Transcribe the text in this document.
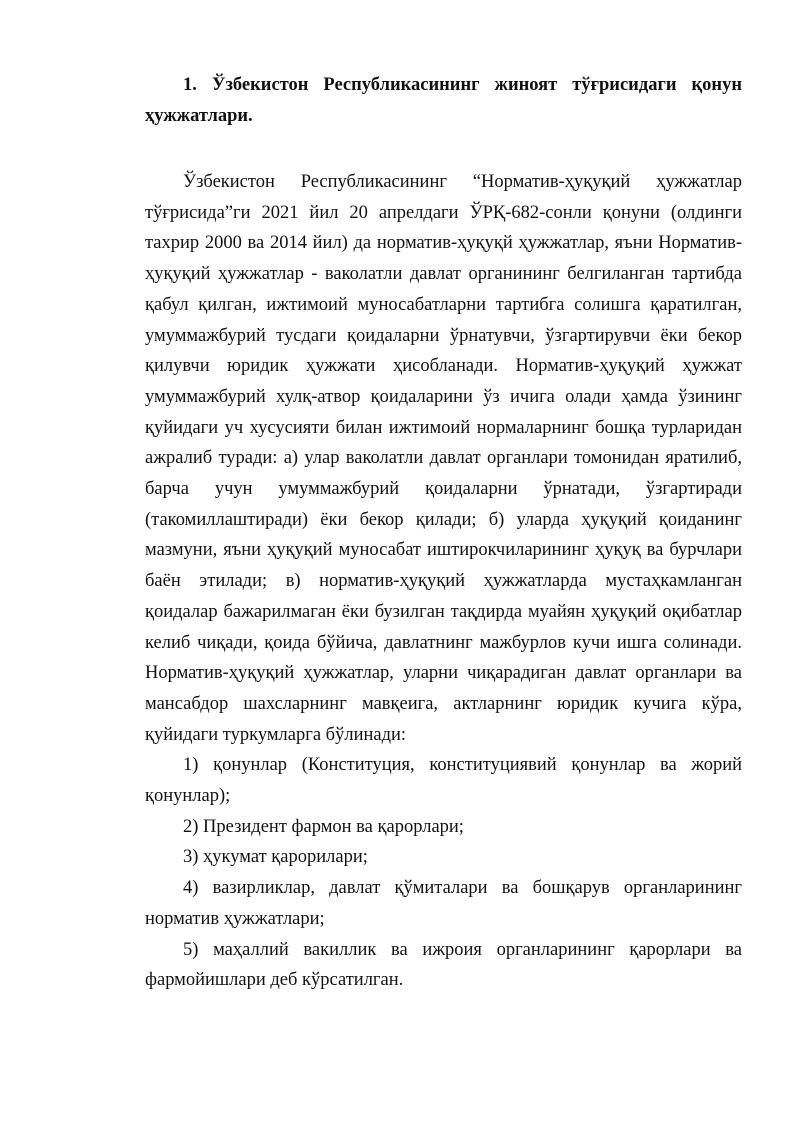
1. Ўзбекистон Республикасининг жиноят тўғрисидаги қонун ҳужжатлари.

Ўзбекистон Республикасининг “Норматив-ҳуқуқий ҳужжатлар тўғрисида”ги 2021 йил 20 апрелдаги ЎРҚ-682-сонли қонуни (олдинги тахрир 2000 ва 2014 йил) да норматив-ҳуқуқй ҳужжатлар, яъни Норматив-ҳуқуқий ҳужжатлар - ваколатли давлат органининг белгиланган тартибда қабул қилган, ижтимоий муносабатларни тартибга солишга қаратилган, умуммажбурий тусдаги қоидаларни ўрнатувчи, ўзгартирувчи ёки бекор қилувчи юридик ҳужжати ҳисобланади. Норматив-ҳуқуқий ҳужжат умуммажбурий хулқ-атвор қоидаларини ўз ичига олади ҳамда ўзининг қуйидаги уч хусусияти билан ижтимоий нормаларнинг бошқа турларидан ажралиб туради: а) улар ваколатли давлат органлари томонидан яратилиб, барча учун умуммажбурий қоидаларни ўрнатади, ўзгартиради (такомиллаштиради) ёки бекор қилади; б) уларда ҳуқуқий қоиданинг мазмуни, яъни ҳуқуқий муносабат иштирокчиларининг ҳуқуқ ва бурчлари баён этилади; в) норматив-ҳуқуқий ҳужжатларда мустаҳкамланган қоидалар бажарилмаган ёки бузилган тақдирда муайян ҳуқуқий оқибатлар келиб чиқади, қоида бўйича, давлатнинг мажбурлов кучи ишга солинади. Норматив-ҳуқуқий ҳужжатлар, уларни чиқарадиган давлат органлари ва мансабдор шахсларнинг мавқеига, актларнинг юридик кучига кўра, қуйидаги туркумларга бўлинади:

1) қонунлар (Конституция, конституциявий қонунлар ва жорий қонунлар);

2) Президент фармон ва қарорлари;

3) ҳукумат қарорилари;

4) вазирликлар, давлат қўмиталари ва бошқарув органларининг норматив ҳужжатлари;

5) маҳаллий вакиллик ва ижроия органларининг қарорлари ва фармойишлари деб кўрсатилган.
